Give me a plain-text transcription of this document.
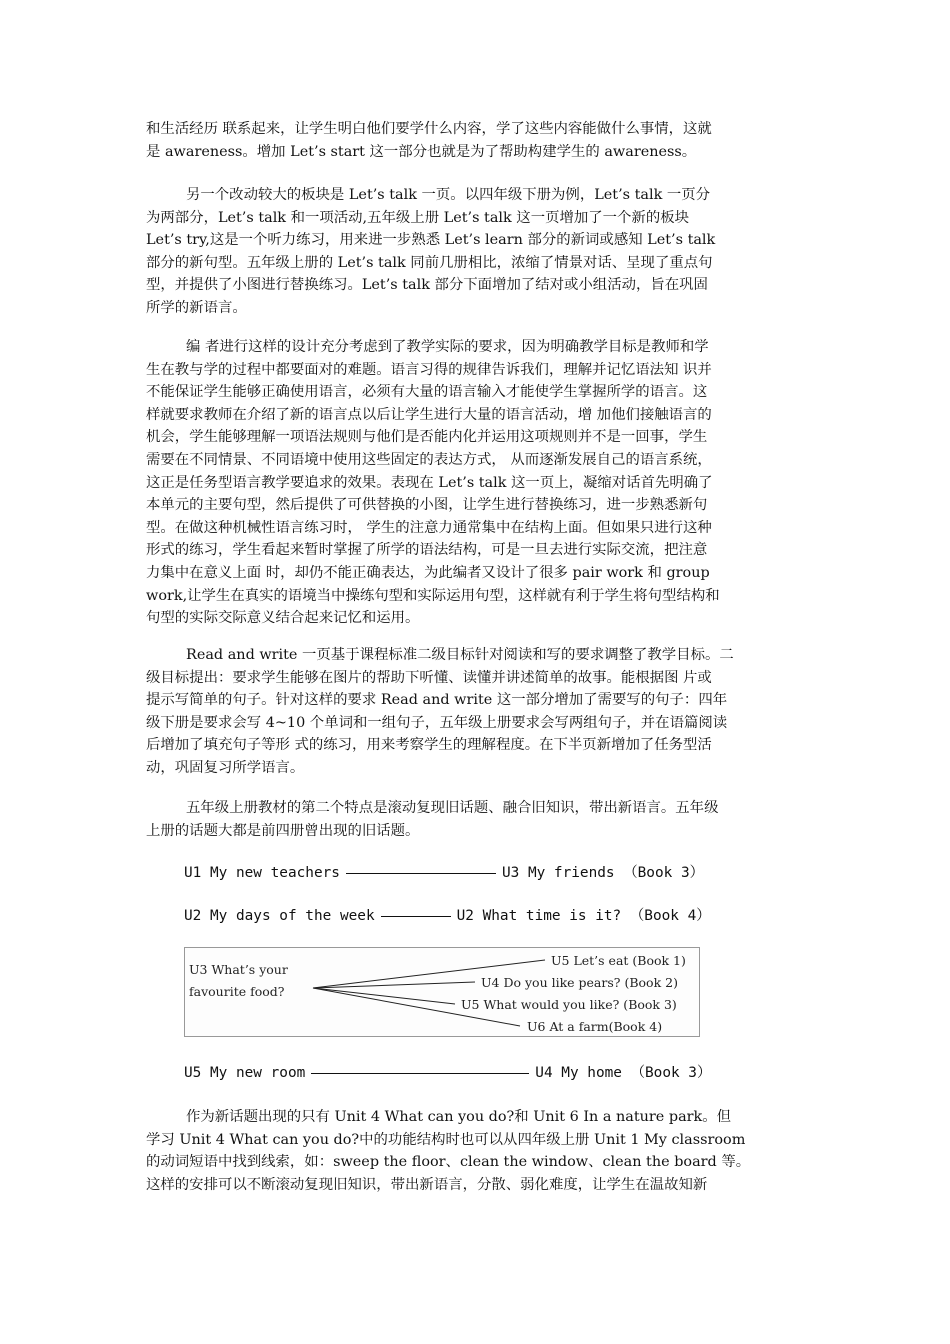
和生活经历 联系起来，让学生明白他们要学什么内容，学了这些内容能做什么事情，这就
是 awareness。增加 Let’s start 这一部分也就是为了帮助构建学生的 awareness。
另一个改动较大的板块是 Let’s talk 一页。以四年级下册为例，Let’s talk 一页分
为两部分，Let’s talk 和一项活动,五年级上册 Let’s talk 这一页增加了一个新的板块
Let’s try,这是一个听力练习，用来进一步熟悉 Let’s learn 部分的新词或感知 Let’s talk
部分的新句型。五年级上册的 Let’s talk 同前几册相比，浓缩了情景对话、呈现了重点句
型，并提供了小图进行替换练习。Let’s talk 部分下面增加了结对或小组活动，旨在巩固
所学的新语言。
编 者进行这样的设计充分考虑到了教学实际的要求，因为明确教学目标是教师和学
生在教与学的过程中都要面对的难题。语言习得的规律告诉我们，理解并记忆语法知 识并
不能保证学生能够正确使用语言，必须有大量的语言输入才能使学生掌握所学的语言。这
样就要求教师在介绍了新的语言点以后让学生进行大量的语言活动，增 加他们接触语言的
机会，学生能够理解一项语法规则与他们是否能内化并运用这项规则并不是一回事，学生
需要在不同情景、不同语境中使用这些固定的表达方式， 从而逐渐发展自己的语言系统，
这正是任务型语言教学要追求的效果。表现在 Let’s talk 这一页上，凝缩对话首先明确了
本单元的主要句型，然后提供了可供替换的小图，让学生进行替换练习，进一步熟悉新句
型。在做这种机械性语言练习时， 学生的注意力通常集中在结构上面。但如果只进行这种
形式的练习，学生看起来暂时掌握了所学的语法结构，可是一旦去进行实际交流，把注意
力集中在意义上面 时，却仍不能正确表达，为此编者又设计了很多 pair work 和 group
work,让学生在真实的语境当中操练句型和实际运用句型，这样就有利于学生将句型结构和
句型的实际交际意义结合起来记忆和运用。
Read and write 一页基于课程标准二级目标针对阅读和写的要求调整了教学目标。二
级目标提出：要求学生能够在图片的帮助下听懂、读懂并讲述简单的故事。能根据图 片或
提示写简单的句子。针对这样的要求 Read and write 这一部分增加了需要写的句子：四年
级下册是要求会写 4~10 个单词和一组句子，五年级上册要求会写两组句子，并在语篇阅读
后增加了填充句子等形 式的练习，用来考察学生的理解程度。在下半页新增加了任务型活
动，巩固复习所学语言。
五年级上册教材的第二个特点是滚动复现旧话题、融合旧知识，带出新语言。五年级
上册的话题大都是前四册曾出现的旧话题。
U1 My new teachers	U3 My friends （Book 3）
U2 My days of the week	U2 What time is it? （Book 4）
U3 What’s your
favourite food?
U5 Let’s eat (Book 1)
U4 Do you like pears? (Book 2)
U5 What would you like? (Book 3)
U6 At a farm(Book 4)
U5 My new room	U4 My home （Book 3）
作为新话题出现的只有 Unit 4 What can you do?和 Unit 6 In a nature park。但
学习 Unit 4 What can you do?中的功能结构时也可以从四年级上册 Unit 1 My classroom
的动词短语中找到线索，如：sweep the floor、clean the window、clean the board 等。
这样的安排可以不断滚动复现旧知识，带出新语言，分散、弱化难度，让学生在温故知新
